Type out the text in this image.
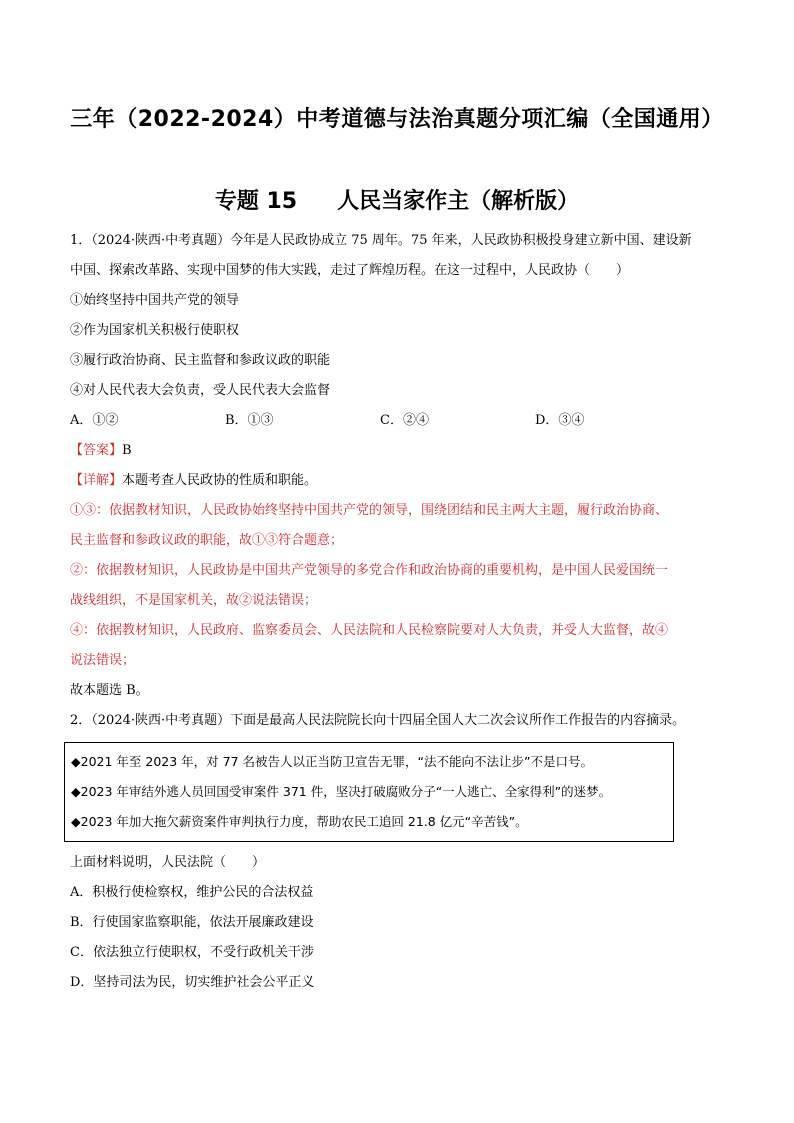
三年（2022-2024）中考道德与法治真题分项汇编（全国通用）
专题 15 人民当家作主（解析版）
1．（2024·陕西·中考真题）今年是人民政协成立 75 周年。75 年来，人民政协积极投身建立新中国、建设新
中国、探索改革路、实现中国梦的伟大实践，走过了辉煌历程。在这一过程中，人民政协（　　）
①始终坚持中国共产党的领导
②作为国家机关积极行使职权
③履行政治协商、民主监督和参政议政的职能
④对人民代表大会负责，受人民代表大会监督
A．①②	B．①③	C．②④	D．③④
【答案】B
【详解】本题考查人民政协的性质和职能。
①③：依据教材知识，人民政协始终坚持中国共产党的领导，围绕团结和民主两大主题，履行政治协商、
民主监督和参政议政的职能，故①③符合题意；
②：依据教材知识，人民政协是中国共产党领导的多党合作和政治协商的重要机构，是中国人民爱国统一
战线组织，不是国家机关，故②说法错误；
④：依据教材知识，人民政府、监察委员会、人民法院和人民检察院要对人大负责，并受人大监督，故④
说法错误；
故本题选 B。
2．（2024·陕西·中考真题）下面是最高人民法院院长向十四届全国人大二次会议所作工作报告的内容摘录。
◆2021 年至 2023 年，对 77 名被告人以正当防卫宣告无罪，“法不能向不法让步”不是口号。
◆2023 年审结外逃人员回国受审案件 371 件，坚决打破腐败分子“一人逃亡、全家得利”的迷梦。
◆2023 年加大拖欠薪资案件审判执行力度，帮助农民工追回 21.8 亿元“辛苦钱”。
上面材料说明，人民法院（　　）
A．积极行使检察权，维护公民的合法权益
B．行使国家监察职能，依法开展廉政建设
C．依法独立行使职权，不受行政机关干涉
D．坚持司法为民，切实维护社会公平正义
